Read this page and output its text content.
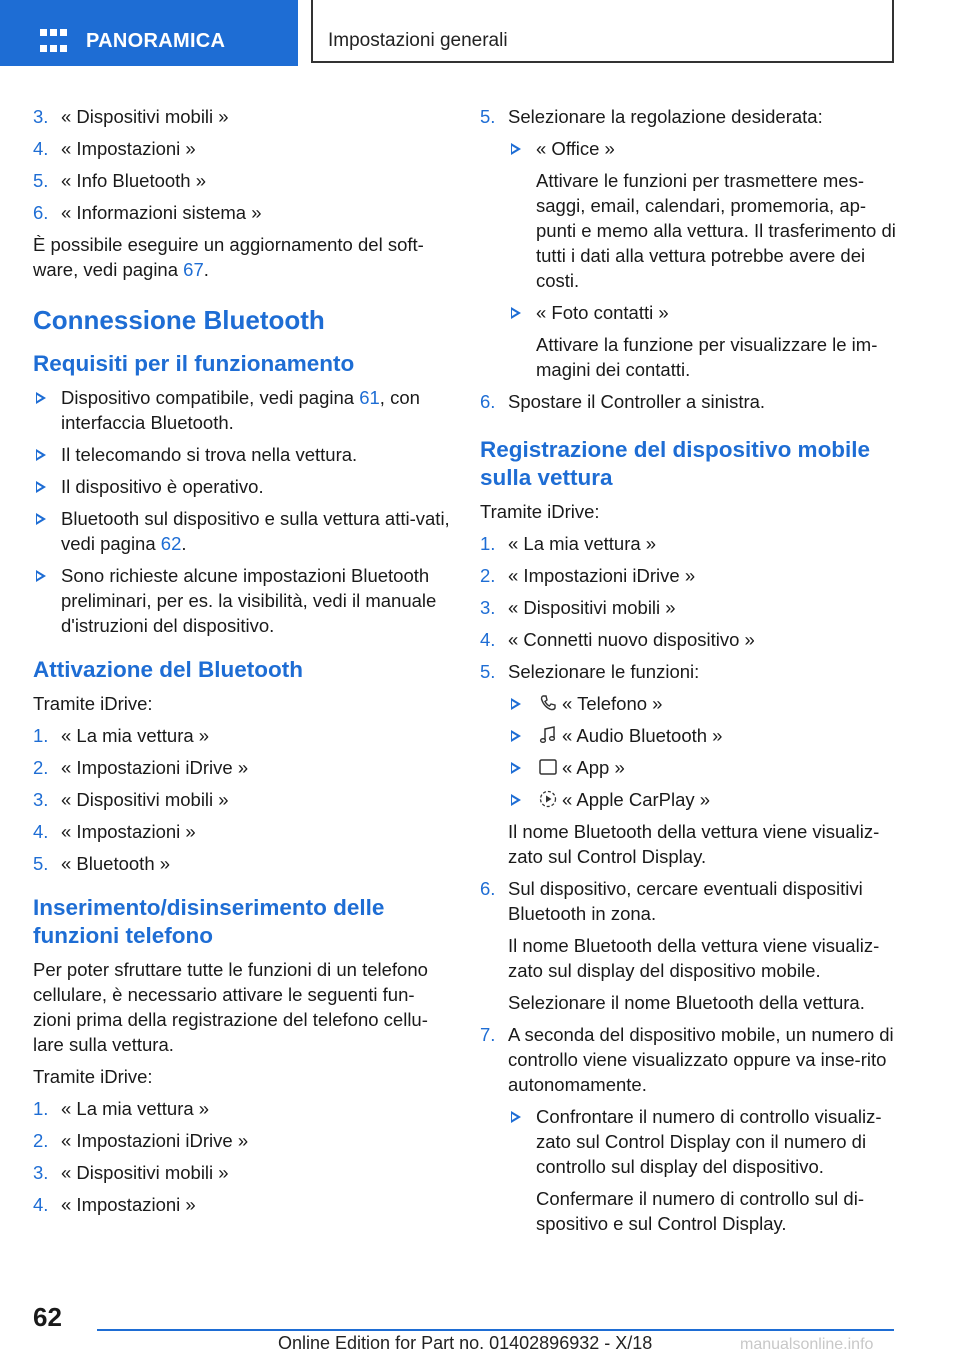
PANORAMICA	Impostazioni generali
3. « Dispositivi mobili »
4. « Impostazioni »
5. « Info Bluetooth »
6. « Informazioni sistema »

È possibile eseguire un aggiornamento del soft-ware, vedi pagina 67.

Connessione Bluetooth
Requisiti per il funzionamento
Dispositivo compatibile, vedi pagina 61, con interfaccia Bluetooth.
Il telecomando si trova nella vettura.
Il dispositivo è operativo.
Bluetooth sul dispositivo e sulla vettura atti-vati, vedi pagina 62.
Sono richieste alcune impostazioni Bluetooth preliminari, per es. la visibilità, vedi il manuale d'istruzioni del dispositivo.
Attivazione del Bluetooth

Tramite iDrive:

1. « La mia vettura »
2. « Impostazioni iDrive »
3. « Dispositivi mobili »
4. « Impostazioni »
5. « Bluetooth »
Inserimento/disinserimento delle funzioni telefono

Per poter sfruttare tutte le funzioni di un telefono cellulare, è necessario attivare le seguenti fun-zioni prima della registrazione del telefono cellu-lare sulla vettura.

Tramite iDrive:

1. « La mia vettura »
2. « Impostazioni iDrive »
3. « Dispositivi mobili »
4. « Impostazioni »
5. Selezionare la regolazione desiderata:
« Office »

Attivare le funzioni per trasmettere mes-saggi, email, calendari, promemoria, ap-punti e memo alla vettura. Il trasferimento di tutti i dati alla vettura potrebbe avere dei costi.

« Foto contatti »

Attivare la funzione per visualizzare le im-magini dei contatti.

6. Spostare il Controller a sinistra.
Registrazione del dispositivo mobile sulla vettura

Tramite iDrive:

1. « La mia vettura »
2. « Impostazioni iDrive »
3. « Dispositivi mobili »
4. « Connetti nuovo dispositivo »
5. Selezionare le funzioni:
« Telefono »
« Audio Bluetooth »
« App »
« Apple CarPlay »

Il nome Bluetooth della vettura viene visualiz-zato sul Control Display.

6. Sul dispositivo, cercare eventuali dispositivi Bluetooth in zona.

Il nome Bluetooth della vettura viene visualiz-zato sul display del dispositivo mobile.

Selezionare il nome Bluetooth della vettura.

7. A seconda del dispositivo mobile, un numero di controllo viene visualizzato oppure va inse-rito autonomamente.
Confrontare il numero di controllo visualiz-zato sul Control Display con il numero di controllo sul display del dispositivo.

Confermare il numero di controllo sul di-spositivo e sul Control Display.

62
Online Edition for Part no. 01402896932 - X/18	manualsonline.info
